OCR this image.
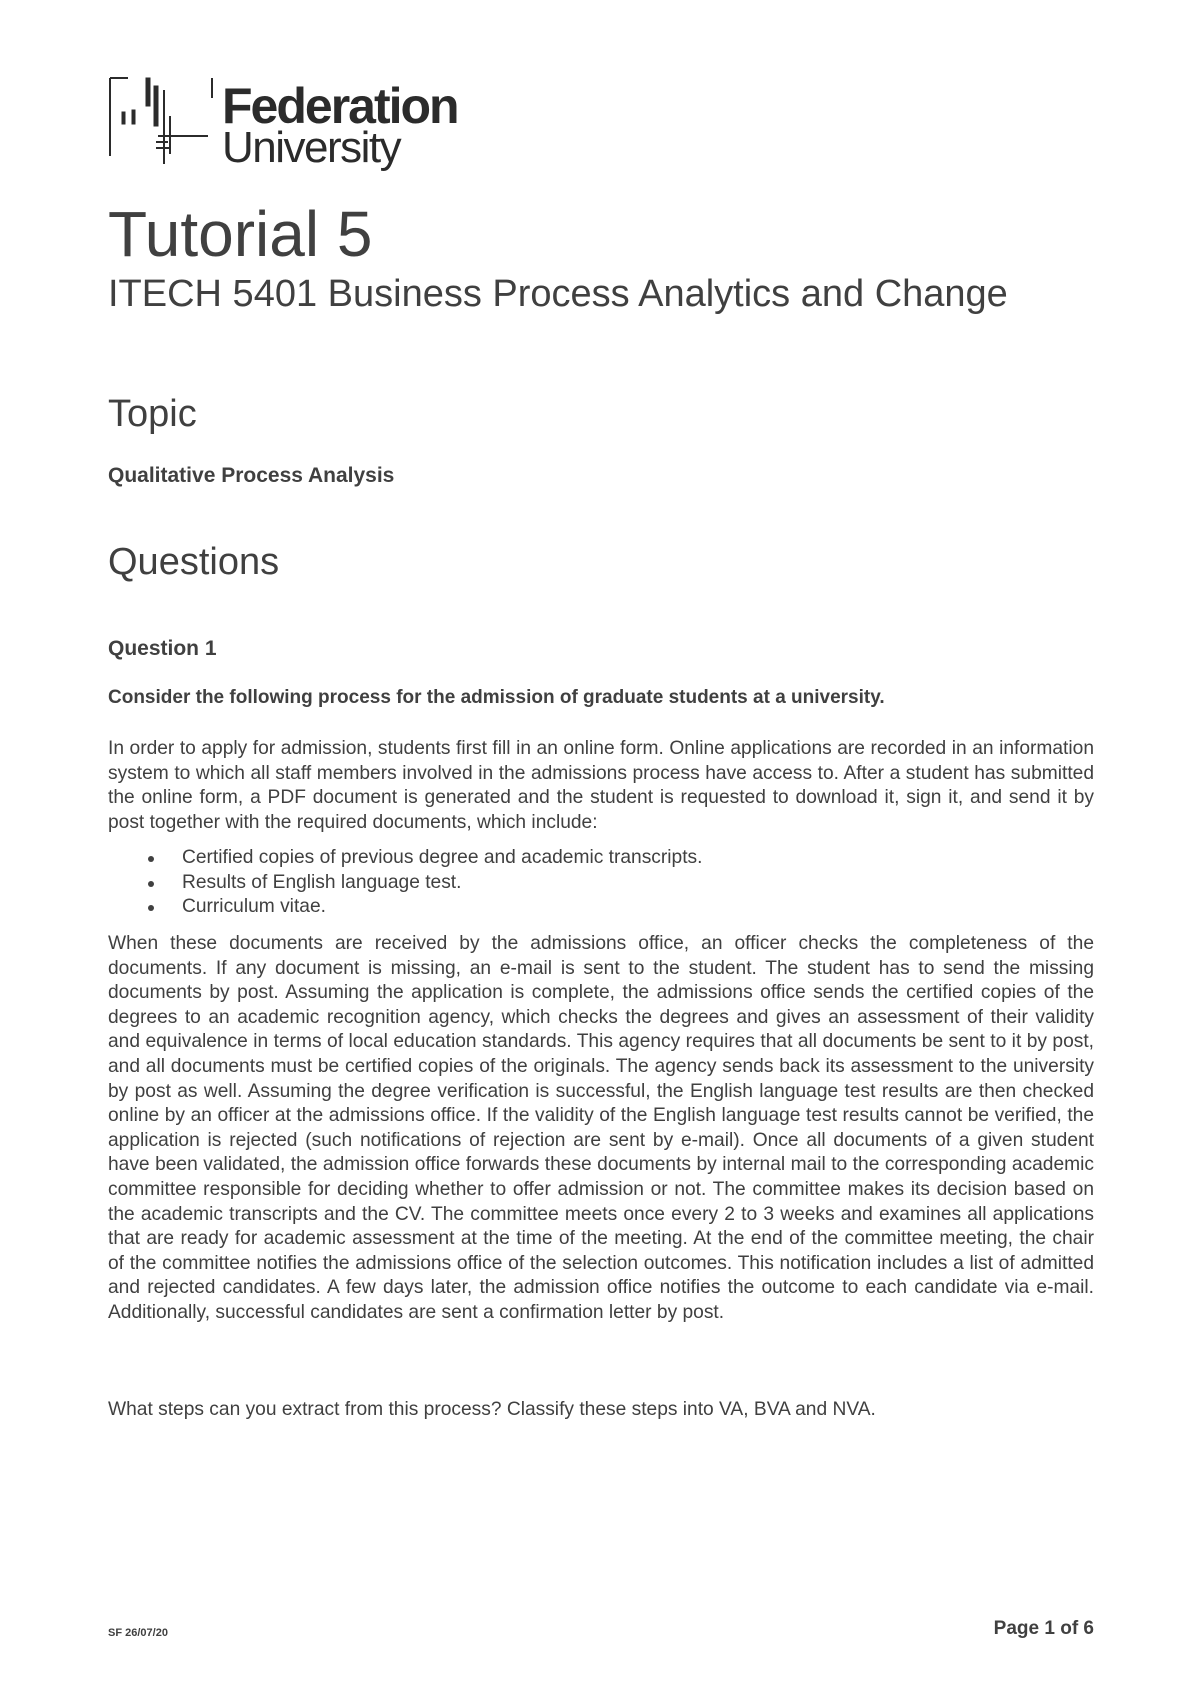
Federation
University
Tutorial 5
ITECH 5401 Business Process Analytics and Change
Topic
Qualitative Process Analysis
Questions
Question 1
Consider the following process for the admission of graduate students at a university.

In order to apply for admission, students first fill in an online form. Online applications are recorded in an information system to which all staff members involved in the admissions process have access to. After a student has submitted the online form, a PDF document is generated and the student is requested to download it, sign it, and send it by post together with the required documents, which include:

Certified copies of previous degree and academic transcripts.
Results of English language test.
Curriculum vitae.

When these documents are received by the admissions office, an officer checks the completeness of the documents. If any document is missing, an e-mail is sent to the student. The student has to send the missing documents by post. Assuming the application is complete, the admissions office sends the certified copies of the degrees to an academic recognition agency, which checks the degrees and gives an assessment of their validity and equivalence in terms of local education standards. This agency requires that all documents be sent to it by post, and all documents must be certified copies of the originals. The agency sends back its assessment to the university by post as well. Assuming the degree verification is successful, the English language test results are then checked online by an officer at the admissions office. If the validity of the English language test results cannot be verified, the application is rejected (such notifications of rejection are sent by e-mail). Once all documents of a given student have been validated, the admission office forwards these documents by internal mail to the corresponding academic committee responsible for deciding whether to offer admission or not. The committee makes its decision based on the academic transcripts and the CV. The committee meets once every 2 to 3 weeks and examines all applications that are ready for academic assessment at the time of the meeting. At the end of the committee meeting, the chair of the committee notifies the admissions office of the selection outcomes. This notification includes a list of admitted and rejected candidates. A few days later, the admission office notifies the outcome to each candidate via e-mail. Additionally, successful candidates are sent a confirmation letter by post.

What steps can you extract from this process? Classify these steps into VA, BVA and NVA.

SF 26/07/20	Page 1 of 6
